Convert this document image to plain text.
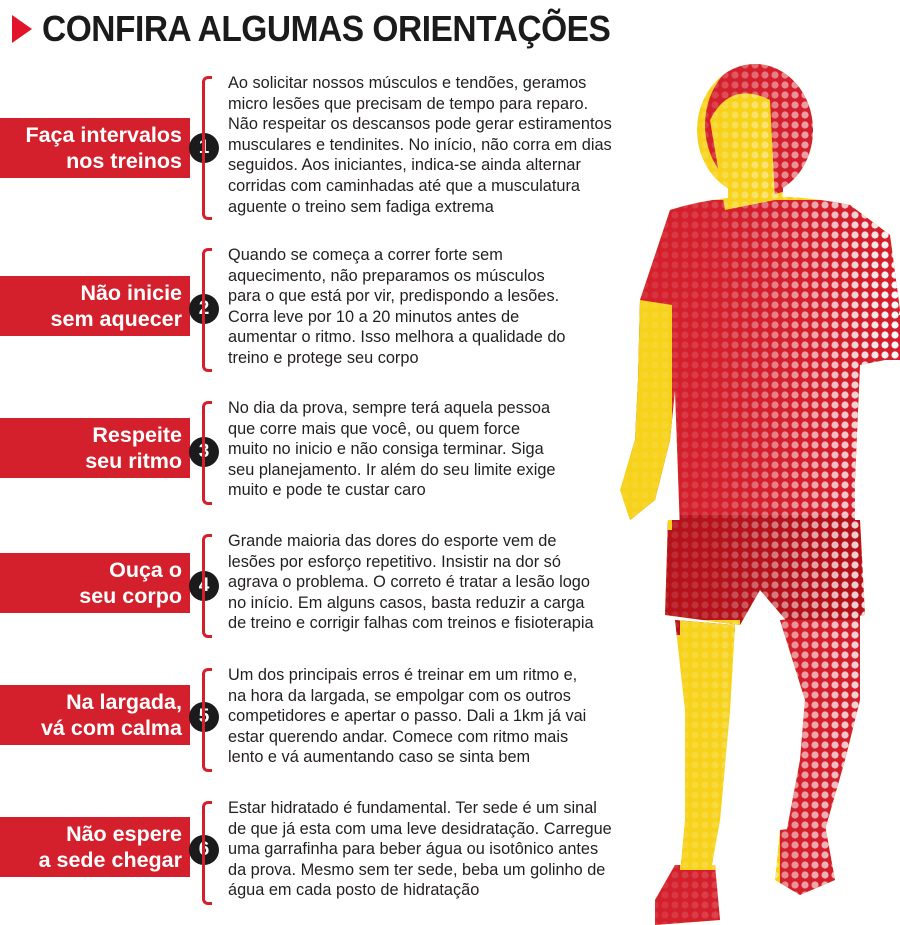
CONFIRA ALGUMAS ORIENTAÇÕES
Faça intervalos
nos treinos
1
Ao solicitar nossos músculos e tendões, geramos
micro lesões que precisam de tempo para reparo.
Não respeitar os descansos pode gerar estiramentos
musculares e tendinites. No início, não corra em dias
seguidos. Aos iniciantes, indica-se ainda alternar
corridas com caminhadas até que a musculatura
aguente o treino sem fadiga extrema
Não inicie
sem aquecer 2
Quando se começa a correr forte sem
aquecimento, não preparamos os músculos
para o que está por vir, predispondo a lesões.
Corra leve por 10 a 20 minutos antes de
aumentar o ritmo. Isso melhora a qualidade do
treino e protege seu corpo
Respeite
seu ritmo 3
No dia da prova, sempre terá aquela pessoa
que corre mais que você, ou quem force
muito no inicio e não consiga terminar. Siga
seu planejamento. Ir além do seu limite exige
muito e pode te custar caro
Ouça o
seu corpo 4
Grande maioria das dores do esporte vem de
lesões por esforço repetitivo. Insistir na dor só
agrava o problema. O correto é tratar a lesão logo
no início. Em alguns casos, basta reduzir a carga
de treino e corrigir falhas com treinos e fisioterapia
Na largada,
vá com calma 5
Um dos principais erros é treinar em um ritmo e,
na hora da largada, se empolgar com os outros
competidores e apertar o passo. Dali a 1km já vai
estar querendo andar. Comece com ritmo mais
lento e vá aumentando caso se sinta bem
Não espere
a sede chegar 6
Estar hidratado é fundamental. Ter sede é um sinal
de que já esta com uma leve desidratação. Carregue
uma garrafinha para beber água ou isotônico antes
da prova. Mesmo sem ter sede, beba um golinho de
água em cada posto de hidratação
